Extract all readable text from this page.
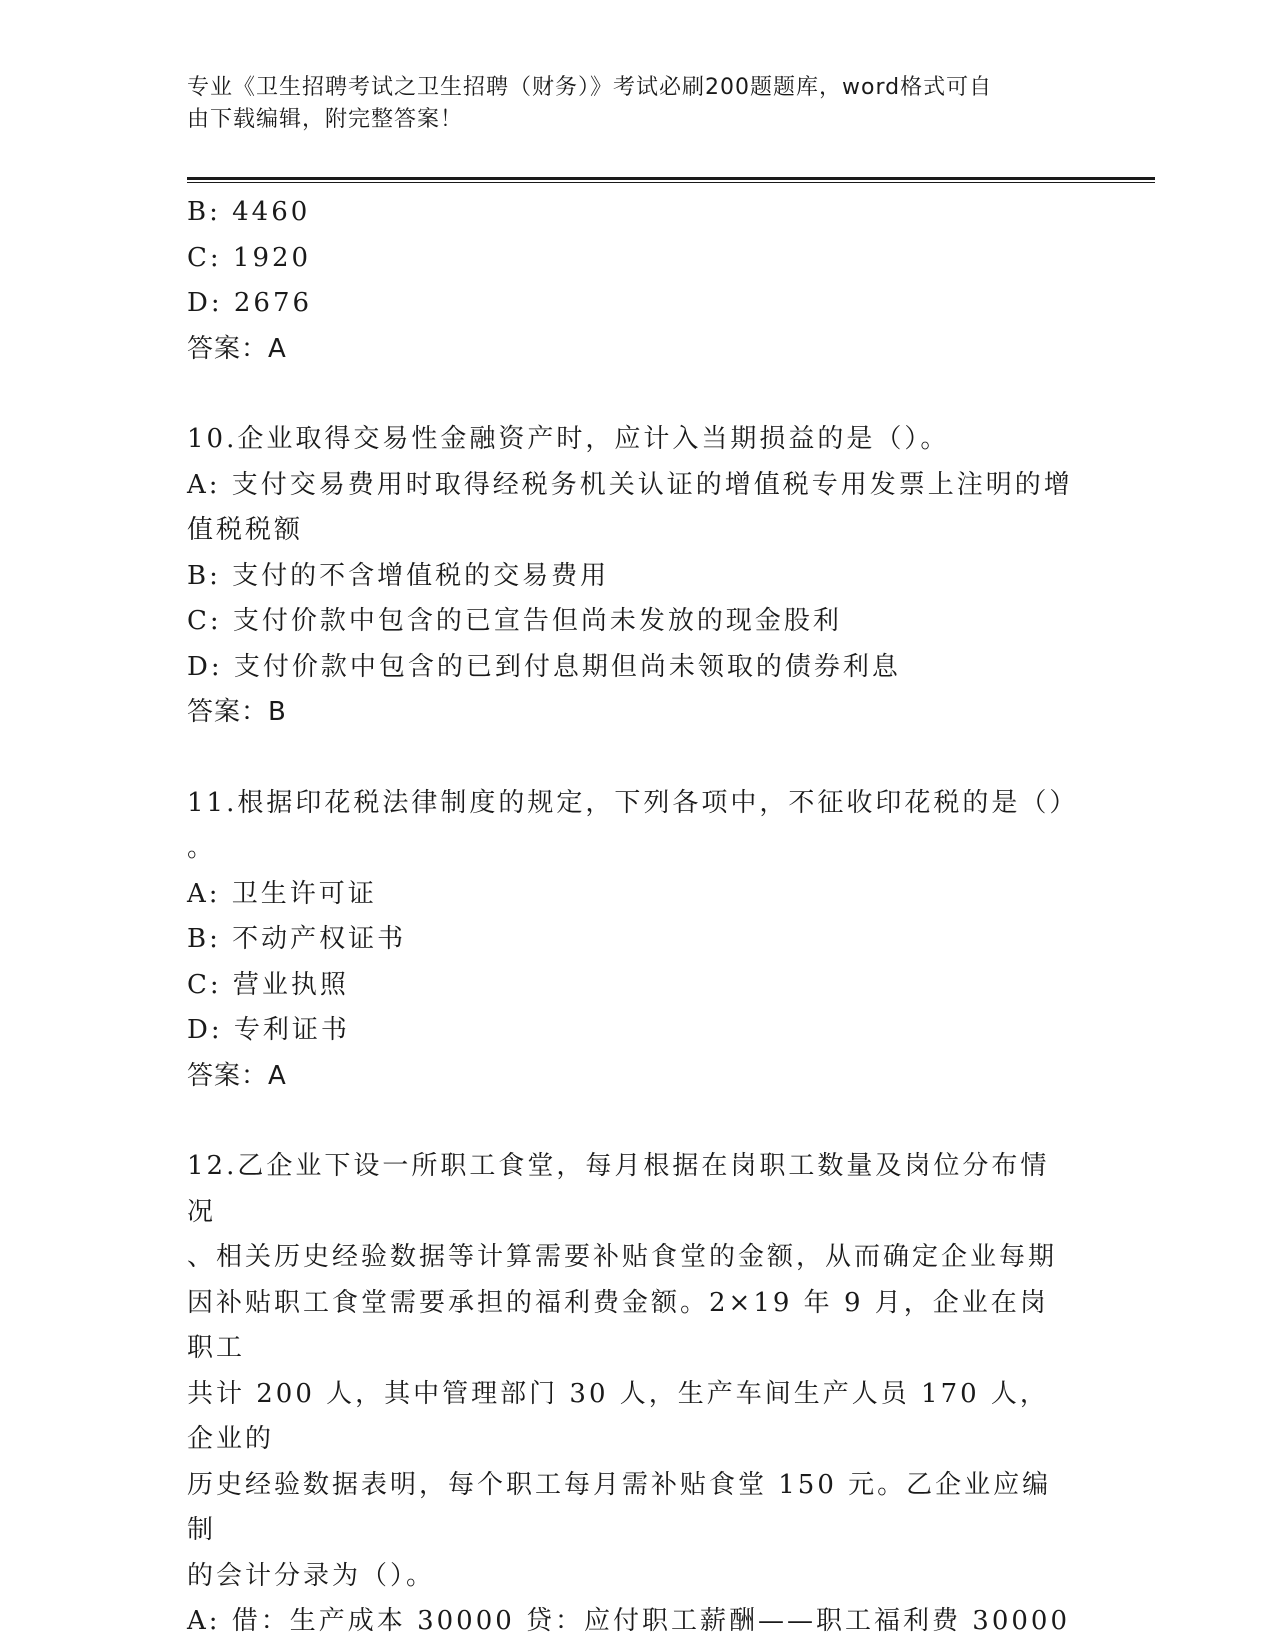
专业《卫生招聘考试之卫生招聘（财务）》考试必刷200题题库，word格式可自
由下载编辑，附完整答案！
B: 4460
C: 1920
D: 2676
答案：A
10.企业取得交易性金融资产时，应计入当期损益的是（）。
A: 支付交易费用时取得经税务机关认证的增值税专用发票上注明的增
值税税额
B: 支付的不含增值税的交易费用
C: 支付价款中包含的已宣告但尚未发放的现金股利
D: 支付价款中包含的已到付息期但尚未领取的债券利息
答案：B
11.根据印花税法律制度的规定，下列各项中，不征收印花税的是（）
。
A: 卫生许可证
B: 不动产权证书
C: 营业执照
D: 专利证书
答案：A
12.乙企业下设一所职工食堂，每月根据在岗职工数量及岗位分布情况
、相关历史经验数据等计算需要补贴食堂的金额，从而确定企业每期
因补贴职工食堂需要承担的福利费金额。2×19 年 9 月，企业在岗职工
共计 200 人，其中管理部门 30 人，生产车间生产人员 170 人，企业的
历史经验数据表明，每个职工每月需补贴食堂 150 元。乙企业应编制
的会计分录为（）。
A: 借：生产成本 30000 贷：应付职工薪酬——职工福利费 30000
